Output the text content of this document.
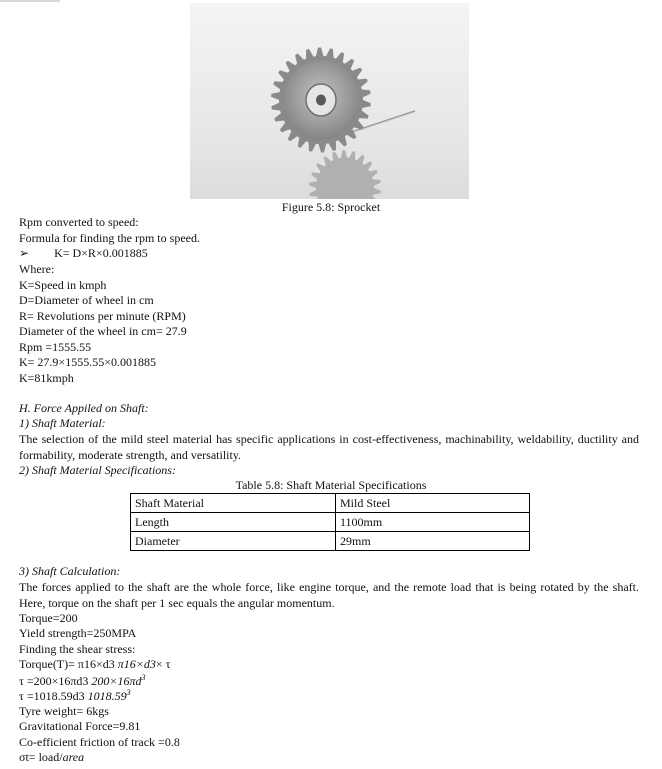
Figure 5.8: Sprocket
Rpm converted to speed:
Formula for finding the rpm to speed.
➢ K= D×R×0.001885
Where:
K=Speed in kmph
D=Diameter of wheel in cm
R= Revolutions per minute (RPM)
Diameter of the wheel in cm= 27.9
Rpm =1555.55
K= 27.9×1555.55×0.001885
K=81kmph
H. Force Appiled on Shaft:
1) Shaft Material:
The selection of the mild steel material has specific applications in cost-effectiveness, machinability, weldability, ductility and formability, moderate strength, and versatility.
2) Shaft Material Specifications:
Table 5.8: Shaft Material Specifications
Shaft Material	Mild Steel
Length	1100mm
Diameter	29mm
3) Shaft Calculation:
The forces applied to the shaft are the whole force, like engine torque, and the remote load that is being rotated by the shaft. Here, torque on the shaft per 1 sec equals the angular momentum.
Torque=200
Yield strength=250MPA
Finding the shear stress:
Torque(T)= π16×d3 π16×d3× τ
τ =200×16πd3 $200\times 16\pi d^3$
τ =1018.59d3 1018.59$^3$
Tyre weight= 6kgs
Gravitational Force=9.81
Co-efficient friction of track =0.8
σt= load/area
